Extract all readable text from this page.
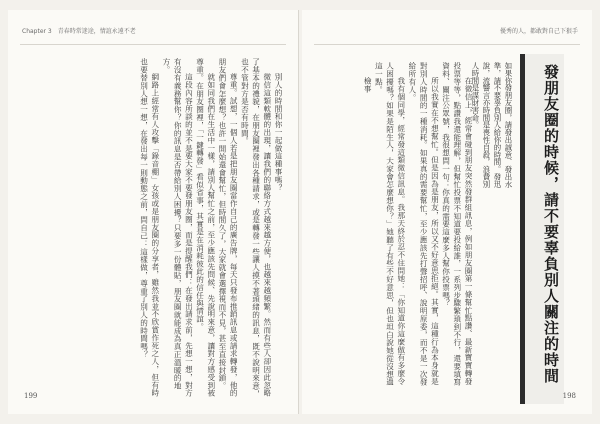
Chapter 3　青春時常迷途，情誼永遠不老

別人的時間和你一起做這種事嗎？

微信這類軟體的出現，讓我們的聯絡方式越來越方便，也越來越頻繁。然而有些人卻因此忽略了基本的禮貌，在朋友圈裡發出各種請求，或是轉發一些讓人摸不著頭緒的訊息，既不說明來意，也不管對方是否有時間。

尊重。試想，一個人若是把朋友圈當作自己的廣告牌，每天只發布推銷訊息或請求轉發，他的朋友們會怎麼想？也許一開始還會幫忙，但時間久了，大家就會選擇視而不見，甚至直接封鎖。

就如同我們在生活中一樣，請別人幫忙之前，至少應該先問候、先說明來意，讓對方感受到被尊重。在朋友圈裡，「一鍵轉發」看似省事，其實是在消耗彼此的信任與情誼。

這段內容所談的並不是要大家不要發朋友圈，而是提醒我們：在發出請求前，先想一想，對方有沒有義務幫你？你的訊息是否帶給別人困擾？只要多一份體貼，朋友圈就能成為真正溫暖的地方。

網路上經常有人攻擊「錄音棚」女孩或是朋友圈的分享者，雖然我並不欣賞作死之人，但有時也要替別人想一想，在發出每一則動態之前，問自己：這樣做，尊重了別人的時間嗎？

199
優秀的人，都敢對自己下狠手
發朋友圈的時候，請不要辜負別人關注的時間
如果你發朋友圈，請發出誠意、發出水準，請不要辜負別人給你的時間。發迅說，流響言亦時間是喪性自殺，浪費別人時間是謀財害命。

在微信上，經常會碰到朋友突然發群組訊息，例如朋友圈第一條幫忙點讚、最新寶寶轉發投票等等，點讚我還能理解，但幫忙投票不知道要投給誰，一系列步驟繁瑣到不行，還要填寫資料、關注公眾號，我很想問一句：你真的需要這麼多人幫你投票嗎？

所以我實在不想幫忙。但是因為是朋友，所以又不好意思拒絕。其實，這種行為本身就是對別人時間的一種消耗。如果真的需要幫忙，至少應該先打聲招呼、說明原委，而不是一次發給所有人。

我有個同學，經常發這類微信訊息。我那天終於忍不住問她：「你知道你這麼做有多麼令人困擾嗎？如果是陌生人，大家會怎麼想你？」她聽了有些不好意思，但也坦白說她從沒想過這一點。

檢事

198
